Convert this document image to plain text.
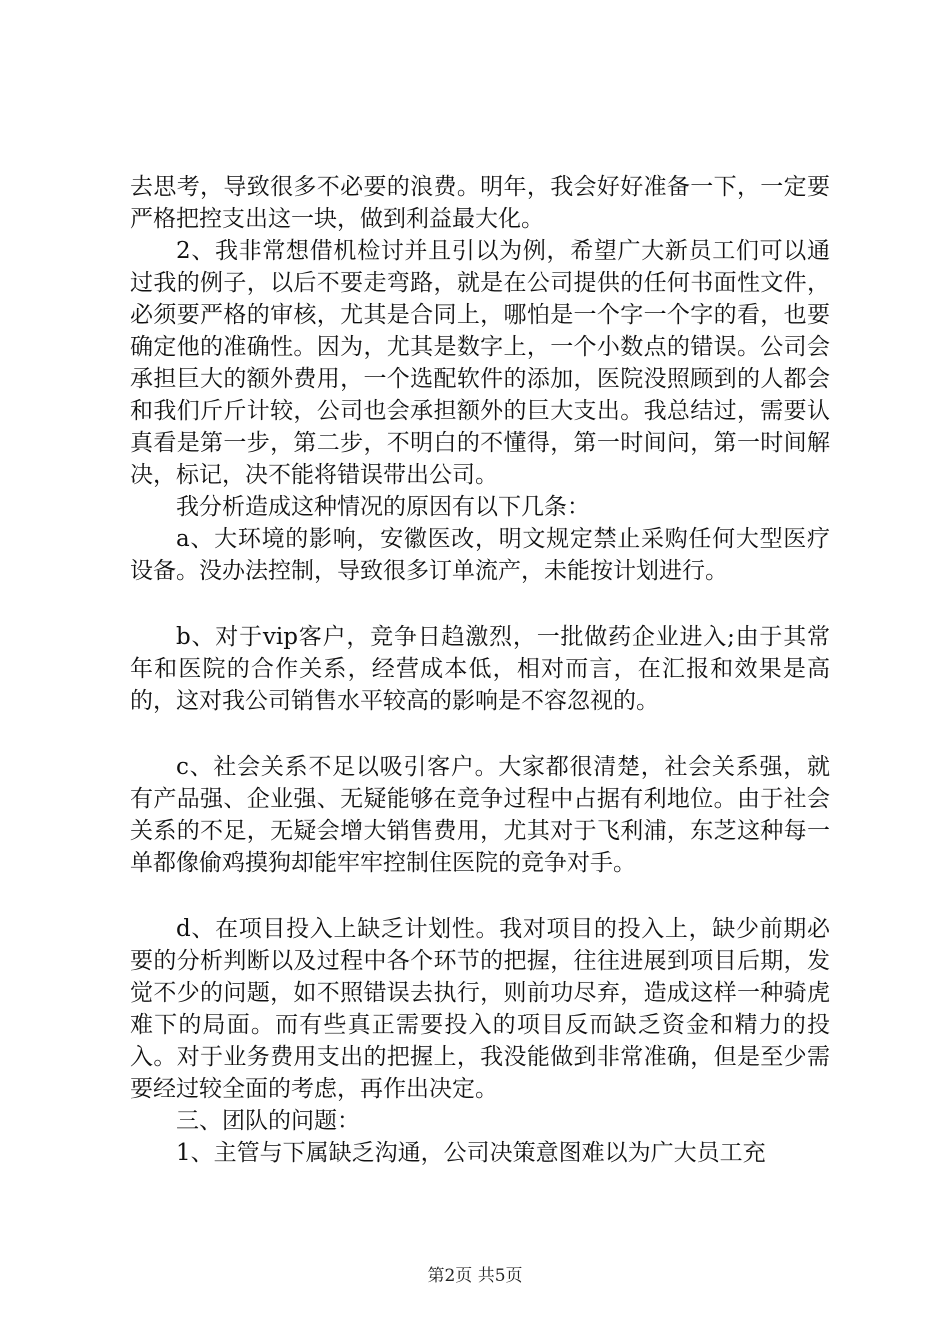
去思考，导致很多不必要的浪费。明年，我会好好准备一下，一定要严格把控支出这一块，做到利益最大化。

2、我非常想借机检讨并且引以为例，希望广大新员工们可以通过我的例子，以后不要走弯路，就是在公司提供的任何书面性文件，必须要严格的审核，尤其是合同上，哪怕是一个字一个字的看，也要确定他的准确性。因为，尤其是数字上，一个小数点的错误。公司会承担巨大的额外费用，一个选配软件的添加，医院没照顾到的人都会和我们斤斤计较，公司也会承担额外的巨大支出。我总结过，需要认真看是第一步，第二步，不明白的不懂得，第一时间问，第一时间解决，标记，决不能将错误带出公司。

我分析造成这种情况的原因有以下几条：

a、大环境的影响，安徽医改，明文规定禁止采购任何大型医疗设备。没办法控制，导致很多订单流产，未能按计划进行。

b、对于vip客户，竞争日趋激烈，一批做药企业进入;由于其常年和医院的合作关系，经营成本低，相对而言，在汇报和效果是高的，这对我公司销售水平较高的影响是不容忽视的。

c、社会关系不足以吸引客户。大家都很清楚，社会关系强，就有产品强、企业强、无疑能够在竞争过程中占据有利地位。由于社会关系的不足，无疑会增大销售费用，尤其对于飞利浦，东芝这种每一单都像偷鸡摸狗却能牢牢控制住医院的竞争对手。

d、在项目投入上缺乏计划性。我对项目的投入上，缺少前期必要的分析判断以及过程中各个环节的把握，往往进展到项目后期，发觉不少的问题，如不照错误去执行，则前功尽弃，造成这样一种骑虎难下的局面。而有些真正需要投入的项目反而缺乏资金和精力的投入。对于业务费用支出的把握上，我没能做到非常准确，但是至少需要经过较全面的考虑，再作出决定。

三、团队的问题：

1、主管与下属缺乏沟通，公司决策意图难以为广大员工充

第2页 共5页
